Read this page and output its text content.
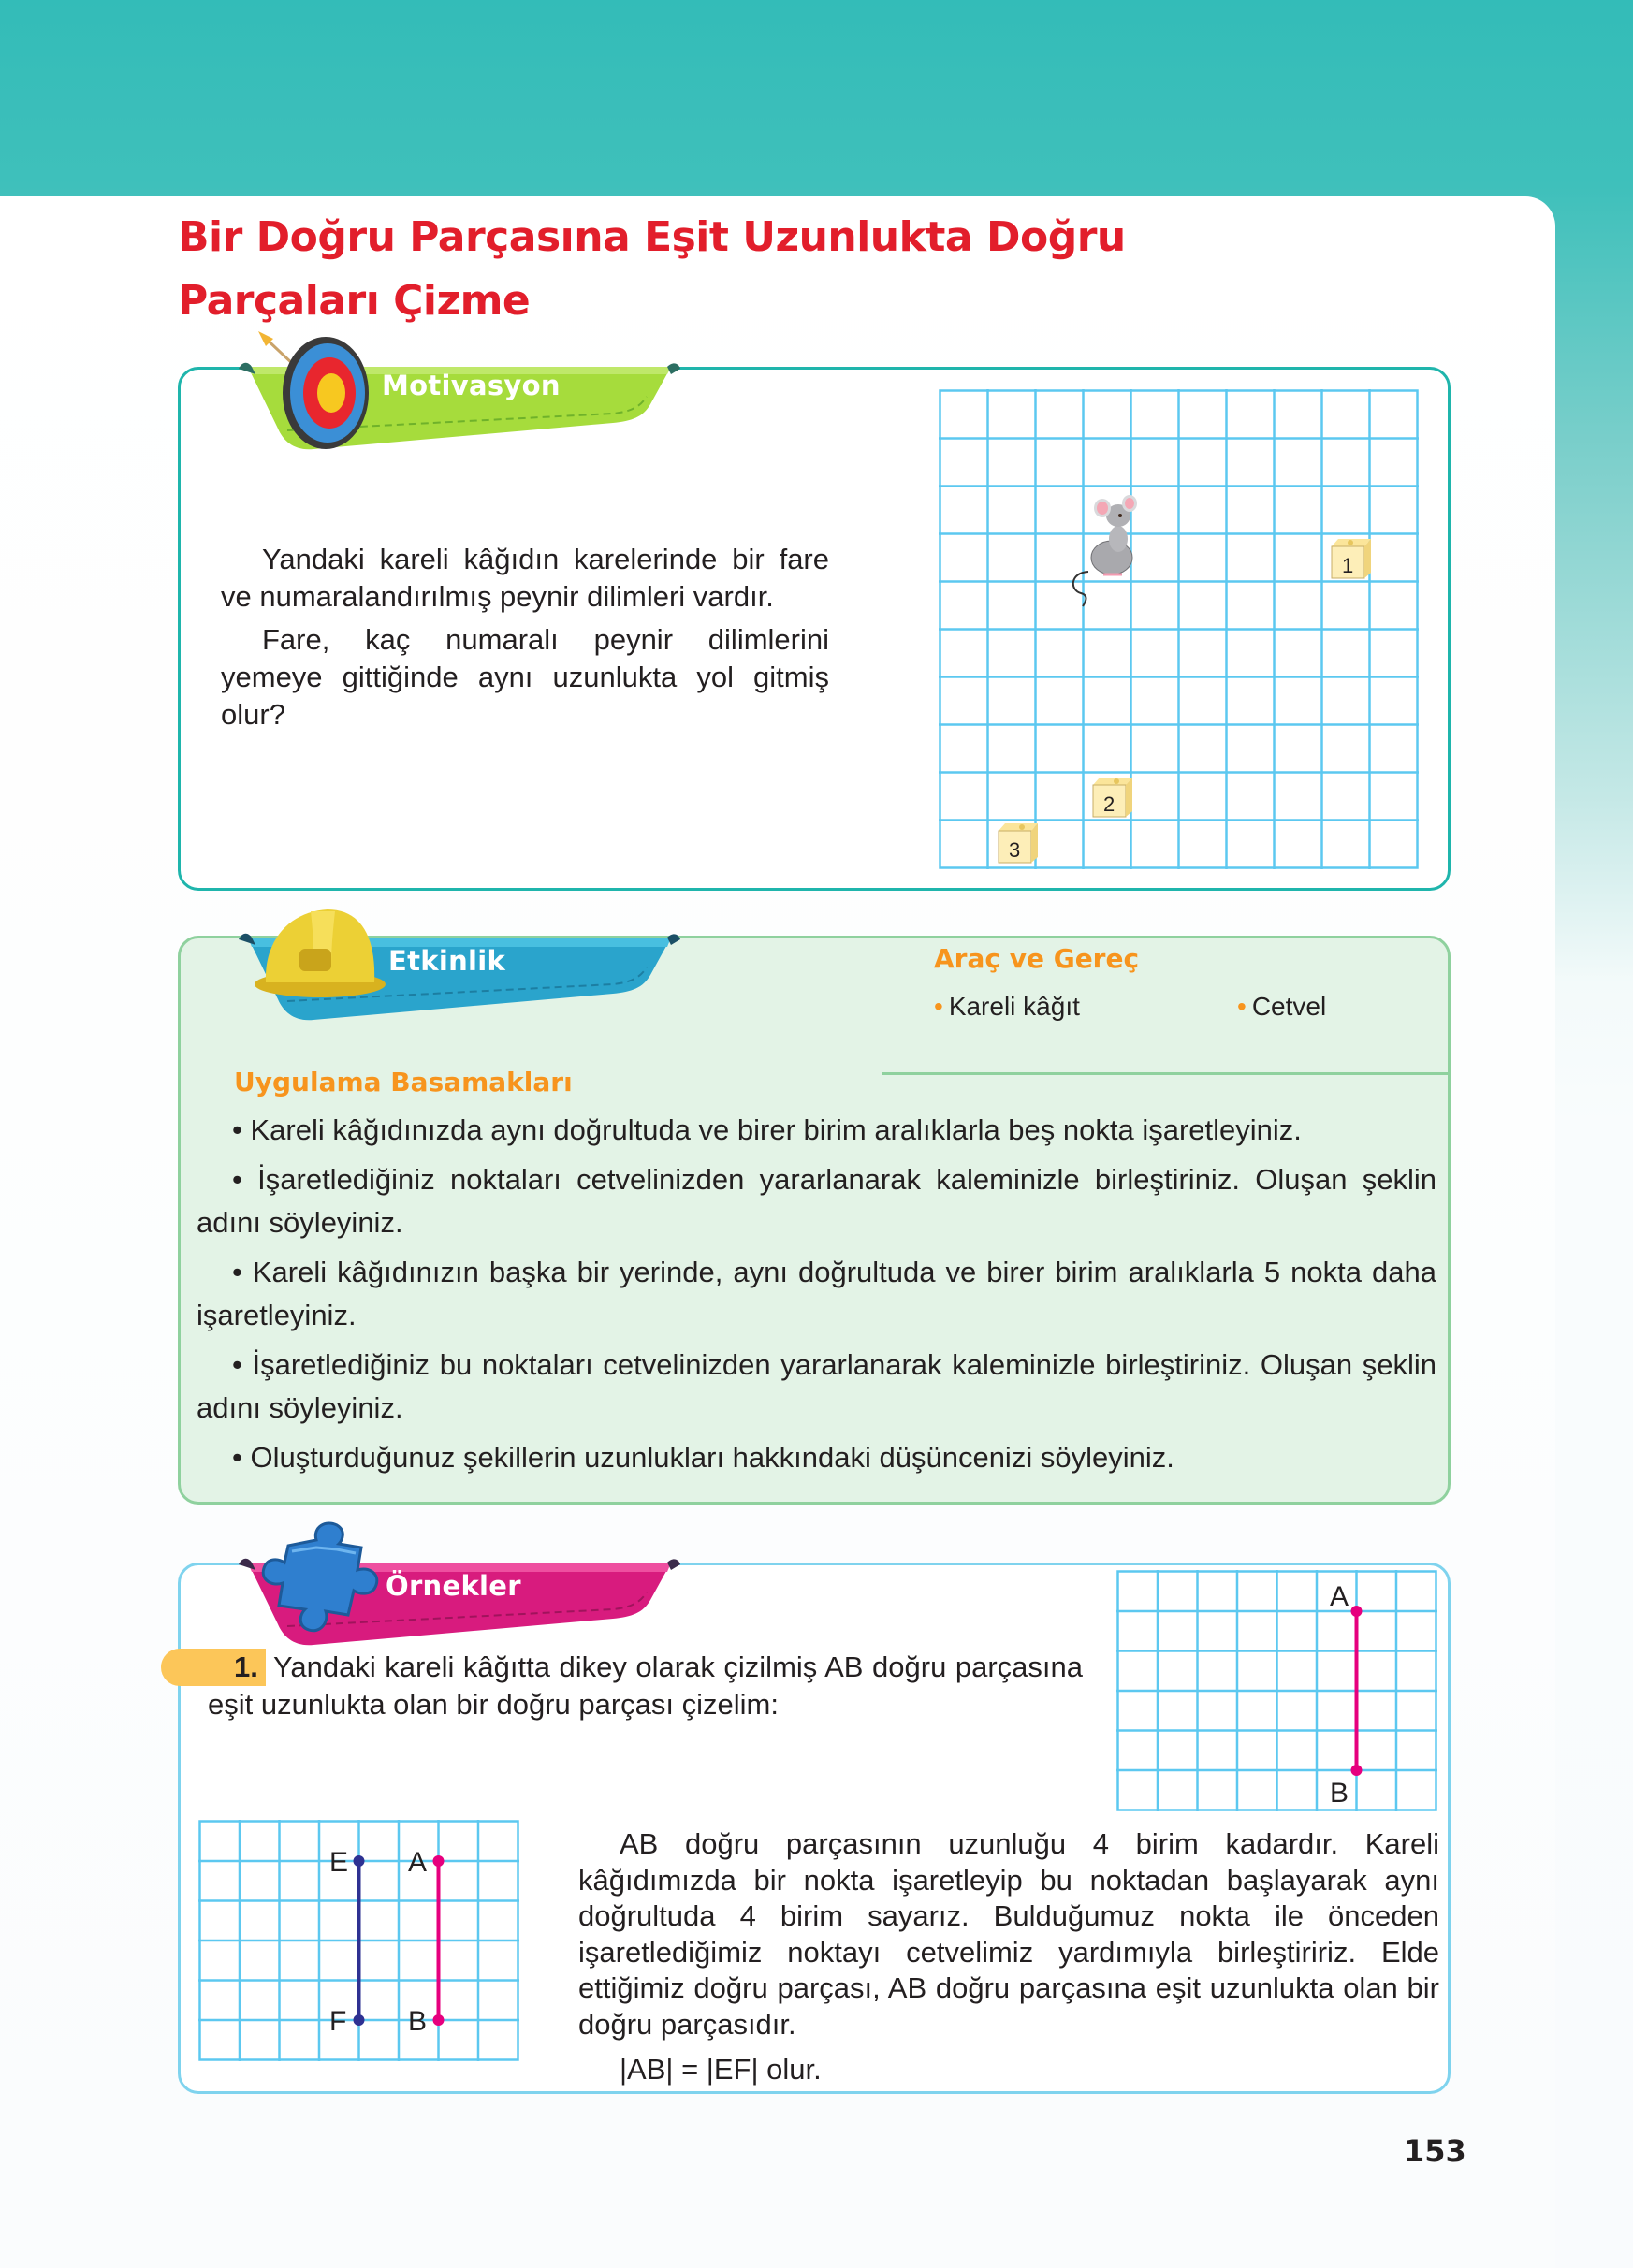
Bir Doğru Parçasına Eşit Uzunlukta Doğru
Parçaları Çizme
Motivasyon
Yandaki kareli kâğıdın karelerinde bir fare ve numaralandırılmış peynir dilimleri vardır.
Fare, kaç numaralı peynir dilimlerini yemeye gittiğinde aynı uzunlukta yol gitmiş olur?
1
2
3
Etkinlik	Araç ve Gereç
• Kareli kâğıt	• Cetvel
Uygulama Basamakları
• Kareli kâğıdınızda aynı doğrultuda ve birer birim aralıklarla beş nokta işaretleyiniz.
• İşaretlediğiniz noktaları cetvelinizden yararlanarak kaleminizle birleştiriniz. Oluşan şeklin adını söyleyiniz.
• Kareli kâğıdınızın başka bir yerinde, aynı doğrultuda ve birer birim aralıklarla 5 nokta daha işaretleyiniz.
• İşaretlediğiniz bu noktaları cetvelinizden yararlanarak kaleminizle birleştiriniz. Oluşan şeklin adını söyleyiniz.
• Oluşturduğunuz şekillerin uzunlukları hakkındaki düşüncenizi söyleyiniz.
Örnekler
1. Yandaki kareli kâğıtta dikey olarak çizilmiş AB doğru parçasına eşit uzunlukta olan bir doğru parçası çizelim:
A
B
E
F
A
B
AB doğru parçasının uzunluğu 4 birim kadardır. Kareli kâğıdımızda bir nokta işaretleyip bu noktadan başlayarak aynı doğrultuda 4 birim sayarız. Bulduğumuz nokta ile önceden işaretlediğimiz noktayı cetvelimiz yardımıyla birleştiririz. Elde ettiğimiz doğru parçası, AB doğru parçasına eşit uzunlukta olan bir doğru parçasıdır.
|AB| = |EF| olur.
153
